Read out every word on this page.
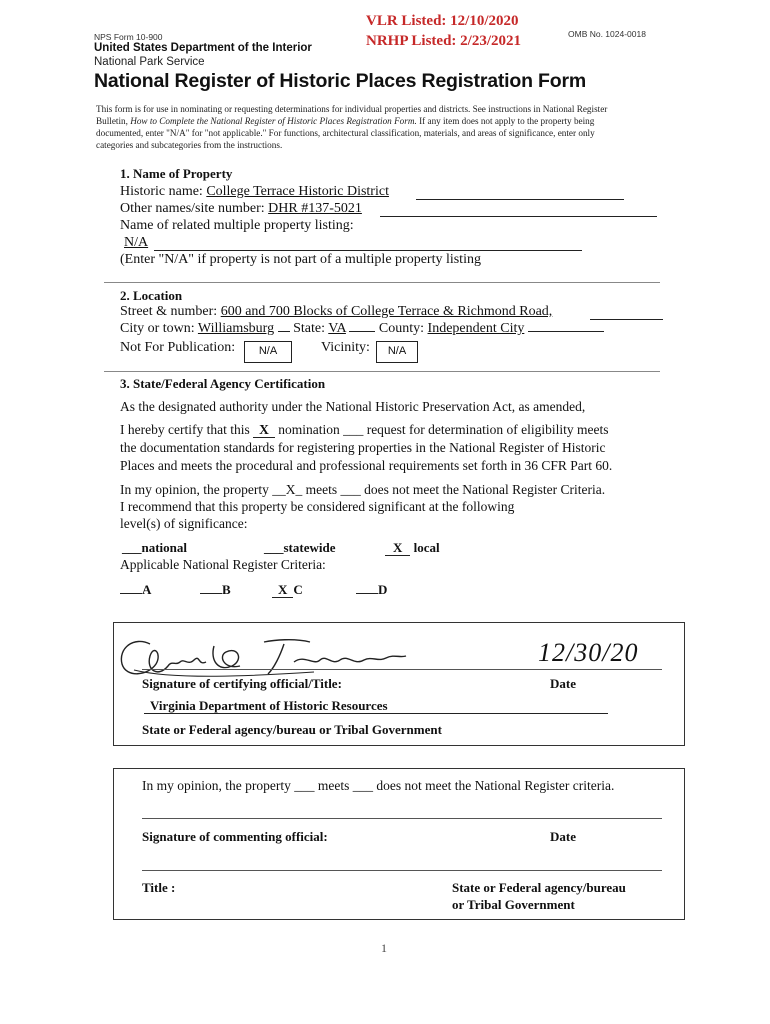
NPS Form 10-900	OMB No. 1024-0018
VLR Listed: 12/10/2020
NRHP Listed: 2/23/2021
United States Department of the Interior
National Park Service
National Register of Historic Places Registration Form
This form is for use in nominating or requesting determinations for individual properties and districts. See instructions in National Register
Bulletin, How to Complete the National Register of Historic Places Registration Form. If any item does not apply to the property being
documented, enter "N/A" for "not applicable." For functions, architectural classification, materials, and areas of significance, enter only
categories and subcategories from the instructions.
1. Name of Property
Historic name: College Terrace Historic District
Other names/site number: DHR #137-5021
Name of related multiple property listing:
N/A
(Enter "N/A" if property is not part of a multiple property listing
2. Location
Street & number: 600 and 700 Blocks of College Terrace & Richmond Road,
City or town: Williamsburg State: VA County: Independent City
Not For Publication:	N/A	Vicinity:	N/A
3. State/Federal Agency Certification
As the designated authority under the National Historic Preservation Act, as amended,
I hereby certify that this X nomination ___ request for determination of eligibility meets
the documentation standards for registering properties in the National Register of Historic
Places and meets the procedural and professional requirements set forth in 36 CFR Part 60.
In my opinion, the property __X_ meets ___ does not meet the National Register Criteria.
I recommend that this property be considered significant at the following
level(s) of significance:
___national	___statewide	X local
Applicable National Register Criteria:
A	B	X C	D
12/30/20
Signature of certifying official/Title:	Date
Virginia Department of Historic Resources
State or Federal agency/bureau or Tribal Government
In my opinion, the property ___ meets ___ does not meet the National Register criteria.
Signature of commenting official:	Date
Title :	State or Federal agency/bureau
or Tribal Government
1
